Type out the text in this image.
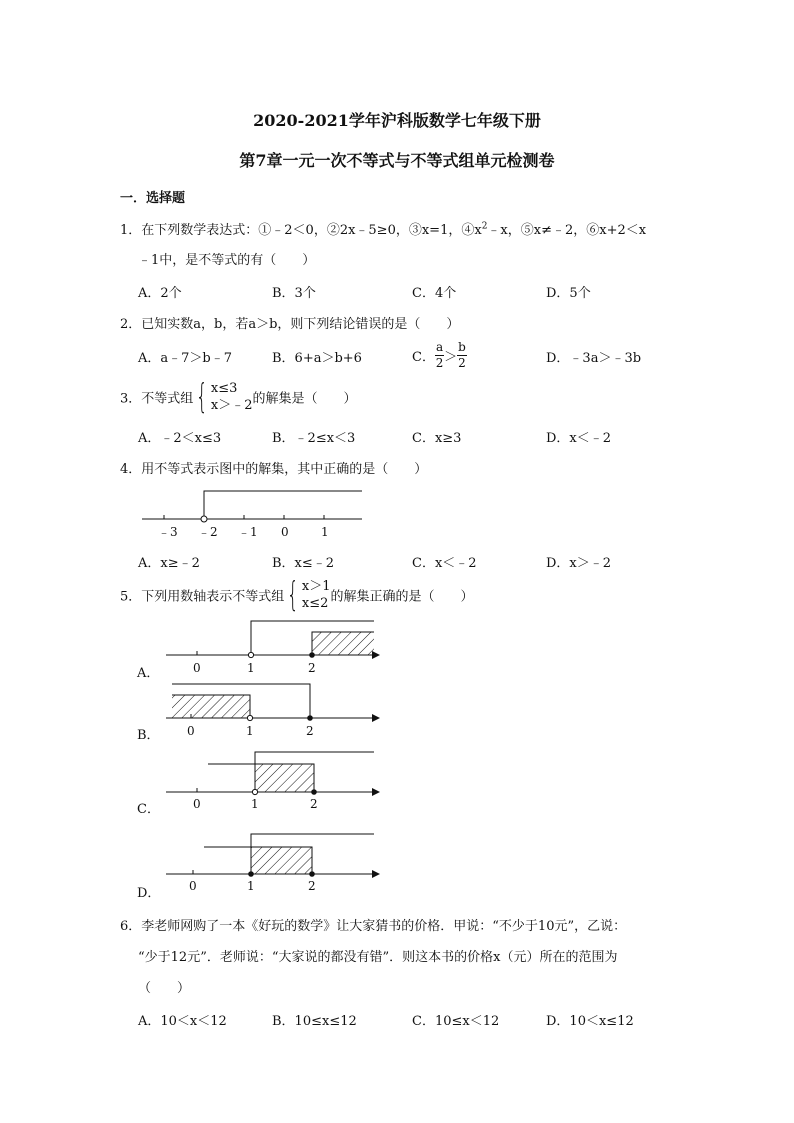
2020-2021学年沪科版数学七年级下册
第7章一元一次不等式与不等式组单元检测卷
一．选择题
1．在下列数学表达式：①﹣2＜0，②2x﹣5≥0，③x=1，$④x^2﹣x$，⑤x≠﹣2，⑥x+2＜x
﹣1中，是不等式的有（　　）
A．2个	B．3个	C．4个	D．5个
2．已知实数a，b，若a＞b，则下列结论错误的是（　　）
A．a﹣7＞b﹣7	B．6+a＞b+6	C． $\frac{a}{2} > \frac{b}{2}$	D．﹣3a＞﹣3b
3．不等式组 { x≤3
x＞﹣2 的解集是（　　）
A．﹣2＜x≤3	B．﹣2≤x＜3	C．x≥3	D．x＜﹣2
4．用不等式表示图中的解集，其中正确的是（　　）
﹣3 ﹣2 ﹣1 0	1
A．x≥﹣2	B．x≤﹣2	C．x＜﹣2	D．x＞﹣2
5．下列用数轴表示不等式组 { x＞1
x≤2 的解集正确的是（　　）
A．	0	1	2
B． 0	1	2
C．	0	1	2
D． 0	1	2
6．李老师网购了一本《好玩的数学》让大家猜书的价格．甲说：“不少于10元”，乙说：
“少于12元”．老师说：“大家说的都没有错”．则这本书的价格x（元）所在的范围为
（　　）
A．10＜x＜12	B．10≤x≤12	C．10≤x＜12	D．10＜x≤12
